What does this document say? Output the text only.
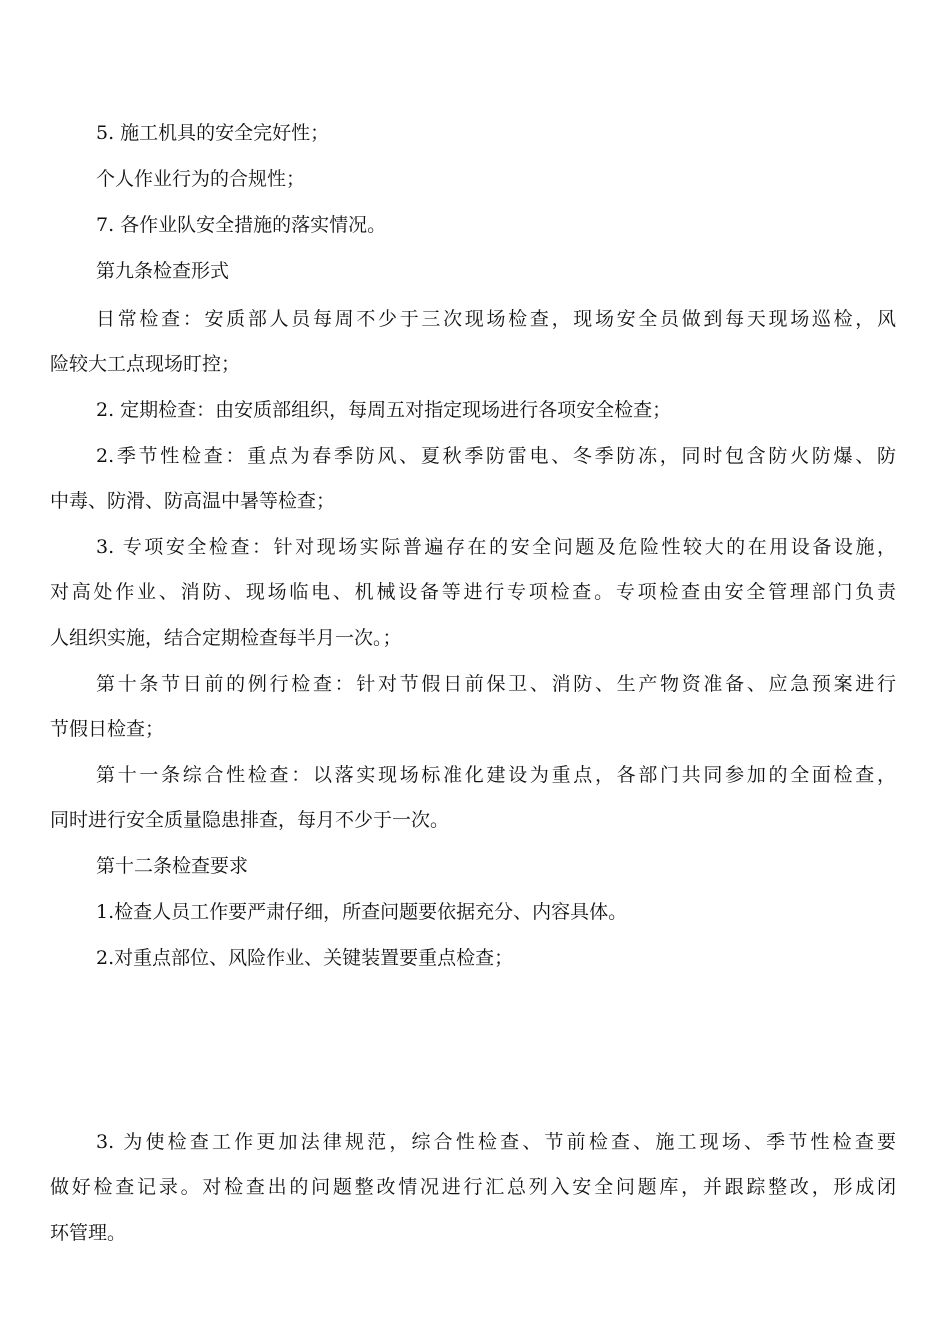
5. 施工机具的安全完好性；

个人作业行为的合规性；

7. 各作业队安全措施的落实情况。

第九条检查形式

日常检查：安质部人员每周不少于三次现场检查，现场安全员做到每天现场巡检，风

险较大工点现场盯控；

2. 定期检查：由安质部组织，每周五对指定现场进行各项安全检查；

2.季节性检查：重点为春季防风、夏秋季防雷电、冬季防冻，同时包含防火防爆、防

中毒、防滑、防高温中暑等检查；

3. 专项安全检查：针对现场实际普遍存在的安全问题及危险性较大的在用设备设施，

对高处作业、消防、现场临电、机械设备等进行专项检查。专项检查由安全管理部门负责

人组织实施，结合定期检查每半月一次。；

第十条节日前的例行检查：针对节假日前保卫、消防、生产物资准备、应急预案进行

节假日检查；

第十一条综合性检查：以落实现场标准化建设为重点，各部门共同参加的全面检查，

同时进行安全质量隐患排查，每月不少于一次。

第十二条检查要求

1.检查人员工作要严肃仔细，所查问题要依据充分、内容具体。

2.对重点部位、风险作业、关键装置要重点检查；

3. 为使检查工作更加法律规范，综合性检查、节前检查、施工现场、季节性检查要

做好检查记录。对检查出的问题整改情况进行汇总列入安全问题库，并跟踪整改，形成闭

环管理。
